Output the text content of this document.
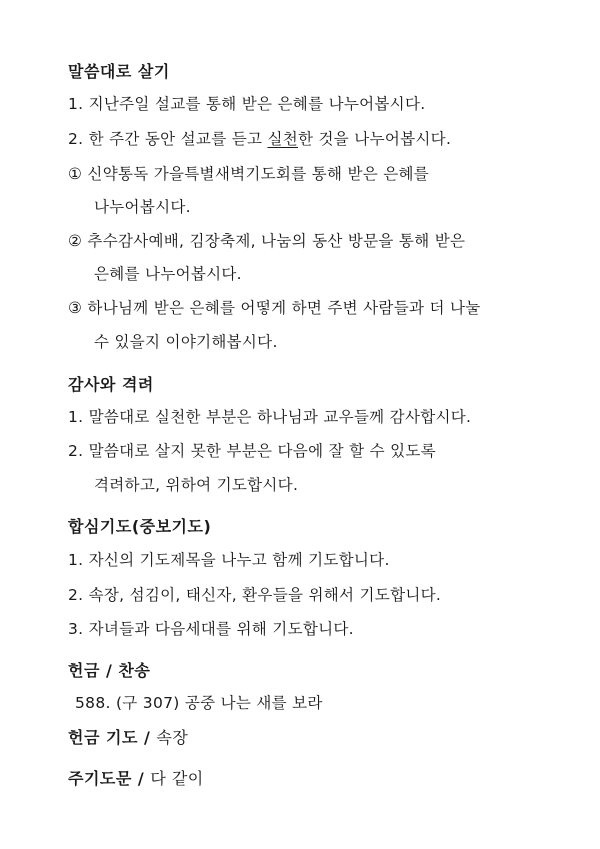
말씀대로 살기
1. 지난주일 설교를 통해 받은 은혜를 나누어봅시다.
2. 한 주간 동안 설교를 듣고 실천한 것을 나누어봅시다.
① 신약통독 가을특별새벽기도회를 통해 받은 은혜를
나누어봅시다.
② 추수감사예배, 김장축제, 나눔의 동산 방문을 통해 받은
은혜를 나누어봅시다.
③ 하나님께 받은 은혜를 어떻게 하면 주변 사람들과 더 나눌
수 있을지 이야기해봅시다.
감사와 격려
1. 말씀대로 실천한 부분은 하나님과 교우들께 감사합시다.
2. 말씀대로 살지 못한 부분은 다음에 잘 할 수 있도록
격려하고, 위하여 기도합시다.
합심기도(중보기도)
1. 자신의 기도제목을 나누고 함께 기도합니다.
2. 속장, 섬김이, 태신자, 환우들을 위해서 기도합니다.
3. 자녀들과 다음세대를 위해 기도합니다.
헌금 / 찬송
588. (구 307) 공중 나는 새를 보라
헌금 기도 / 속장
주기도문 / 다 같이
